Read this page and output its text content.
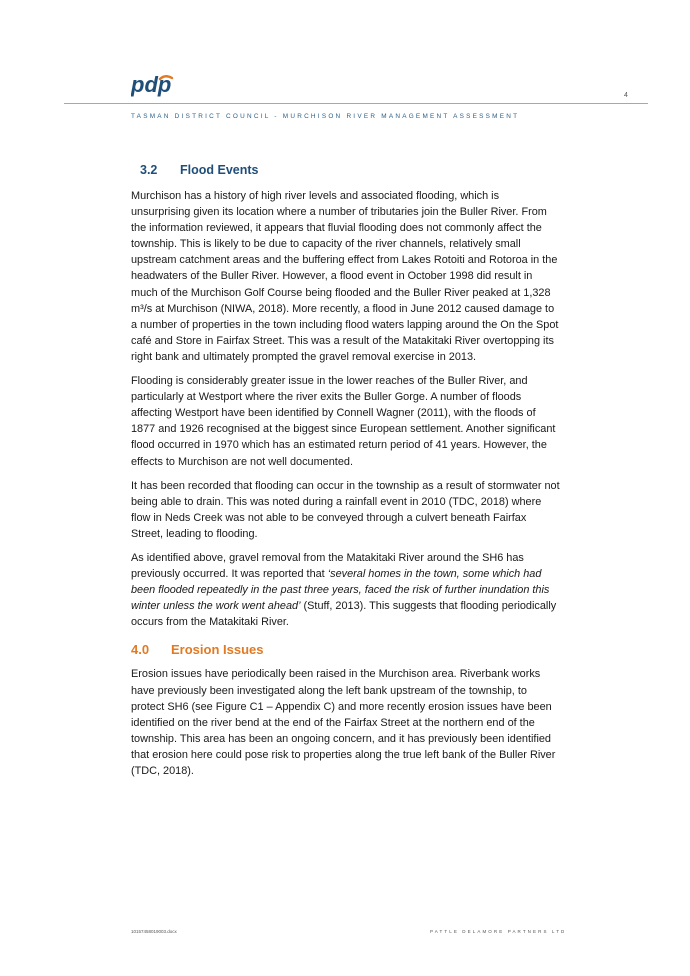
pdp	4
TASMAN DISTRICT COUNCIL - MURCHISON RIVER MANAGEMENT ASSESSMENT
3.2 Flood Events

Murchison has a history of high river levels and associated flooding, which is unsurprising given its location where a number of tributaries join the Buller River. From the information reviewed, it appears that fluvial flooding does not commonly affect the township. This is likely to be due to capacity of the river channels, relatively small upstream catchment areas and the buffering effect from Lakes Rotoiti and Rotoroa in the headwaters of the Buller River. However, a flood event in October 1998 did result in much of the Murchison Golf Course being flooded and the Buller River peaked at 1,328 m³/s at Murchison (NIWA, 2018). More recently, a flood in June 2012 caused damage to a number of properties in the town including flood waters lapping around the On the Spot café and Store in Fairfax Street. This was a result of the Matakitaki River overtopping its right bank and ultimately prompted the gravel removal exercise in 2013.

Flooding is considerably greater issue in the lower reaches of the Buller River, and particularly at Westport where the river exits the Buller Gorge. A number of floods affecting Westport have been identified by Connell Wagner (2011), with the floods of 1877 and 1926 recognised at the biggest since European settlement. Another significant flood occurred in 1970 which has an estimated return period of 41 years. However, the effects to Murchison are not well documented.

It has been recorded that flooding can occur in the township as a result of stormwater not being able to drain. This was noted during a rainfall event in 2010 (TDC, 2018) where flow in Neds Creek was not able to be conveyed through a culvert beneath Fairfax Street, leading to flooding.

As identified above, gravel removal from the Matakitaki River around the SH6 has previously occurred. It was reported that ‘several homes in the town, some which had been flooded repeatedly in the past three years, faced the risk of further inundation this winter unless the work went ahead’ (Stuff, 2013). This suggests that flooding periodically occurs from the Matakitaki River.

4.0 Erosion Issues

Erosion issues have periodically been raised in the Murchison area. Riverbank works have previously been investigated along the left bank upstream of the township, to protect SH6 (see Figure C1 – Appendix C) and more recently erosion issues have been identified on the river bend at the end of the Fairfax Street at the northern end of the township. This area has been an ongoing concern, and it has previously been identified that erosion here could pose risk to properties along the true left bank of the Buller River (TDC, 2018).

10157458019003.docx	PATTLE DELAMORE PARTNERS LTD
